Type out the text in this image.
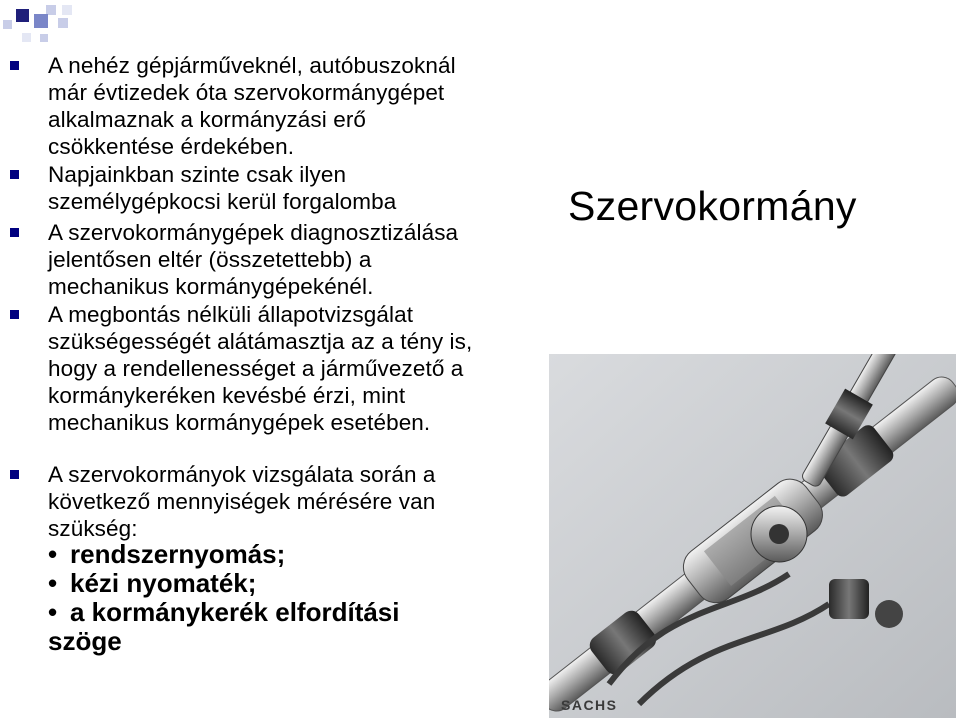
A nehéz gépjárműveknél, autóbuszoknál
már évtizedek óta szervokormánygépet
alkalmaznak a kormányzási erő
csökkentése érdekében.
Napjainkban szinte csak ilyen
személygépkocsi kerül forgalomba
A szervokormánygépek diagnosztizálása
jelentősen eltér (összetettebb) a
mechanikus kormánygépekénél.
A megbontás nélküli állapotvizsgálat
szükségességét alátámasztja az a tény is,
hogy a rendellenességet a járművezető a
kormánykeréken kevésbé érzi, mint
mechanikus kormánygépek esetében.
A szervokormányok vizsgálata során a
következő mennyiségek mérésére van
szükség:
• rendszernyomás;
• kézi nyomaték;
• a kormánykerék elfordítási
szöge
Szervokormány
SACHS
